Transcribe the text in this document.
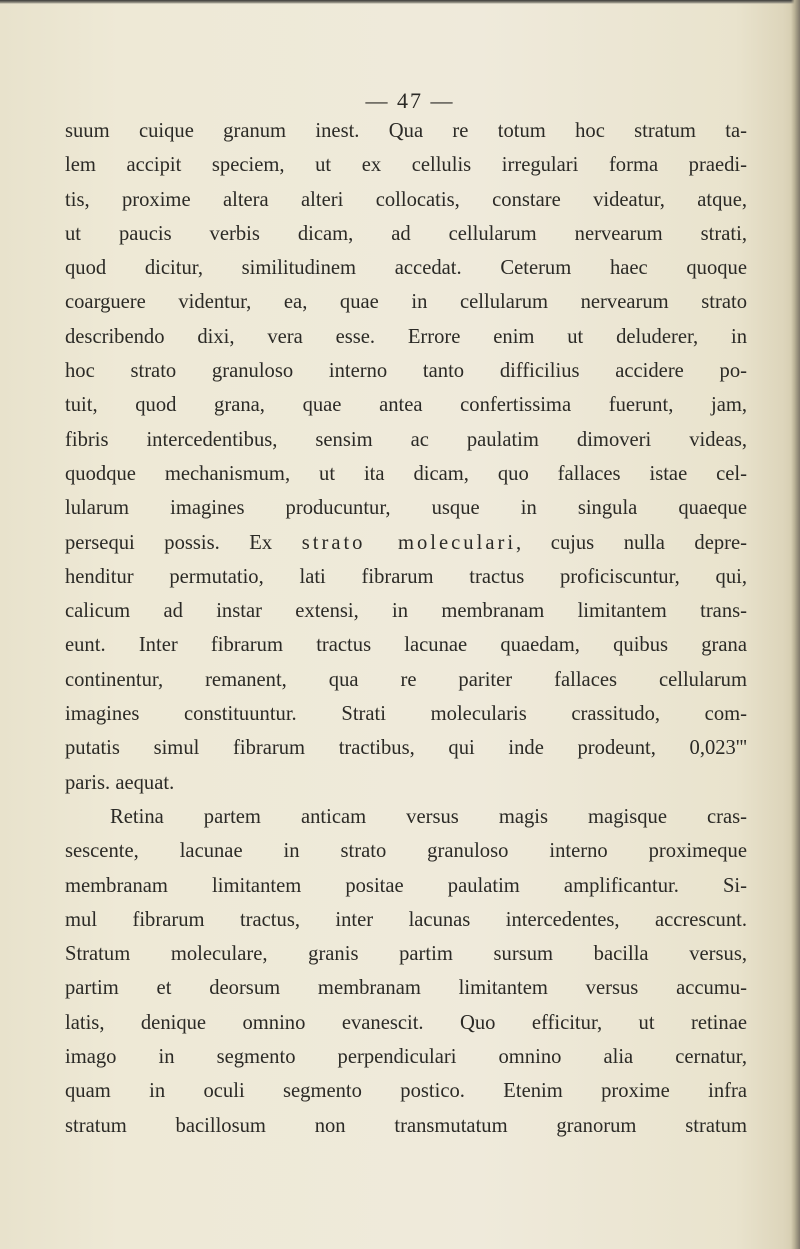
— 47 —
suum cuique granum inest. Qua re totum hoc stratum ta-
lem accipit speciem, ut ex cellulis irregulari forma praedi-
tis, proxime altera alteri collocatis, constare videatur, atque,
ut paucis verbis dicam, ad cellularum nervearum strati,
quod dicitur, similitudinem accedat. Ceterum haec quoque
coarguere videntur, ea, quae in cellularum nervearum strato
describendo dixi, vera esse. Errore enim ut deluderer, in
hoc strato granuloso interno tanto difficilius accidere po-
tuit, quod grana, quae antea confertissima fuerunt, jam,
fibris intercedentibus, sensim ac paulatim dimoveri videas,
quodque mechanismum, ut ita dicam, quo fallaces istae cel-
lularum imagines producuntur, usque in singula quaeque
persequi possis. Ex strato moleculari, cujus nulla depre-
henditur permutatio, lati fibrarum tractus proficiscuntur, qui,
calicum ad instar extensi, in membranam limitantem trans-
eunt. Inter fibrarum tractus lacunae quaedam, quibus grana
continentur, remanent, qua re pariter fallaces cellularum
imagines constituuntur. Strati molecularis crassitudo, com-
putatis simul fibrarum tractibus, qui inde prodeunt, 0,023'''
paris. aequat.
Retina partem anticam versus magis magisque cras-
sescente, lacunae in strato granuloso interno proximeque
membranam limitantem positae paulatim amplificantur. Si-
mul fibrarum tractus, inter lacunas intercedentes, accrescunt.
Stratum moleculare, granis partim sursum bacilla versus,
partim et deorsum membranam limitantem versus accumu-
latis, denique omnino evanescit. Quo efficitur, ut retinae
imago in segmento perpendiculari omnino alia cernatur,
quam in oculi segmento postico. Etenim proxime infra
stratum bacillosum non transmutatum granorum stratum
